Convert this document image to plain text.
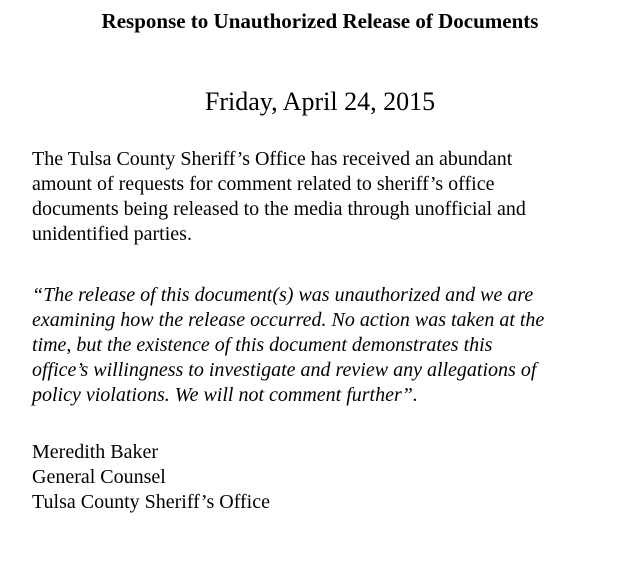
Response to Unauthorized Release of Documents
Friday, April 24, 2015
The Tulsa County Sheriff’s Office has received an abundant
amount of requests for comment related to sheriff’s office
documents being released to the media through unofficial and
unidentified parties.
“The release of this document(s) was unauthorized and we are
examining how the release occurred. No action was taken at the
time, but the existence of this document demonstrates this
office’s willingness to investigate and review any allegations of
policy violations. We will not comment further”.
Meredith Baker
General Counsel
Tulsa County Sheriff’s Office
